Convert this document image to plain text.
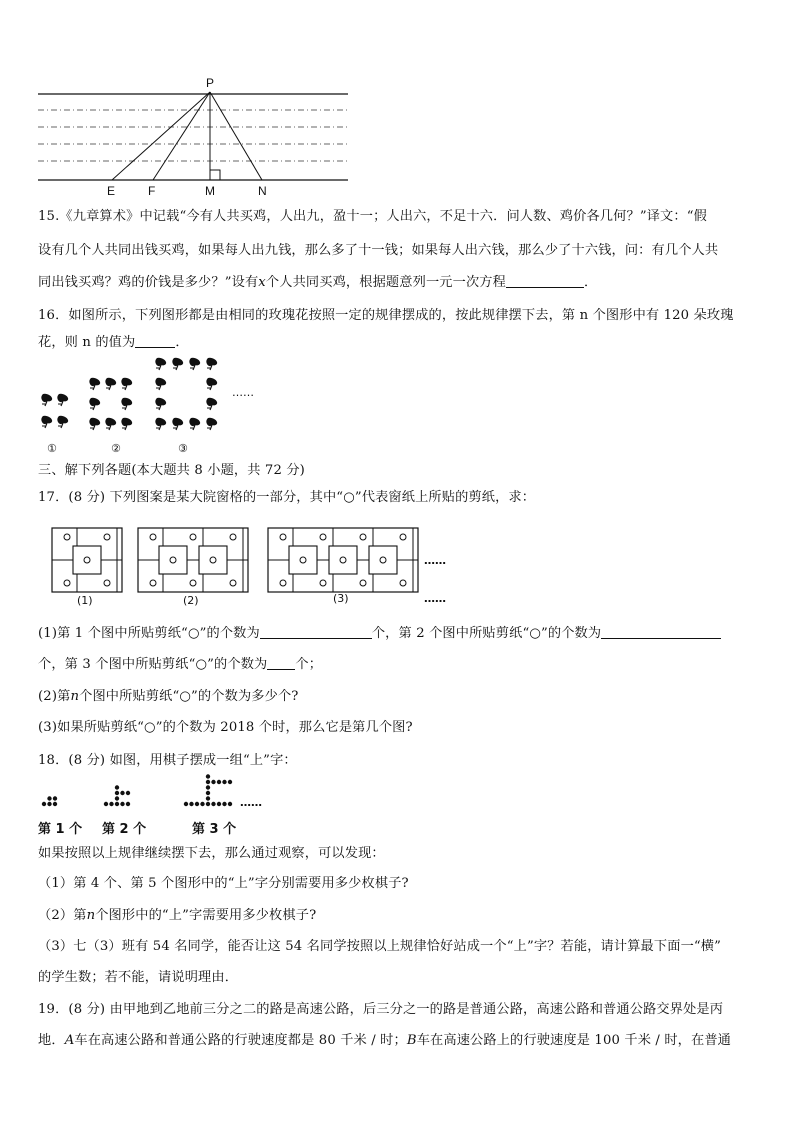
P
E	F	M	N
15.《九章算术》中记载“今有人共买鸡，人出九，盈十一；人出六，不足十六．问人数、鸡价各几何？”译文：“假
设有几个人共同出钱买鸡，如果每人出九钱，那么多了十一钱；如果每人出六钱，那么少了十六钱，问：有几个人共
同出钱买鸡？鸡的价钱是多少？”设有x个人共同买鸡，根据题意列一元一次方程	．
16．如图所示，下列图形都是由相同的玫瑰花按照一定的规律摆成的，按此规律摆下去，第 n 个图形中有 120 朵玫瑰
花，则 n 的值为	．
①	②	③
……
三、解下列各题(本大题共 8 小题，共 72 分)
17．(8 分) 下列图案是某大院窗格的一部分，其中“○”代表窗纸上所贴的剪纸，求：
(1)	(2)	(3)
……
……
(1)第 1 个图中所贴剪纸“○”的个数为	个，第 2 个图中所贴剪纸“○”的个数为
个，第 3 个图中所贴剪纸“○”的个数为 个；
(2)第n个图中所贴剪纸“○”的个数为多少个?
(3)如果所贴剪纸“○”的个数为 2018 个时，那么它是第几个图?
18．(8 分) 如图，用棋子摆成一组“上”字：
……
第 1 个 第 2 个	第 3 个
如果按照以上规律继续摆下去，那么通过观察，可以发现：
（1）第 4 个、第 5 个图形中的“上”字分别需要用多少枚棋子?
（2）第n个图形中的“上”字需要用多少枚棋子?
（3）七（3）班有 54 名同学，能否让这 54 名同学按照以上规律恰好站成一个“上”字？若能，请计算最下面一“横”
的学生数；若不能，请说明理由．
19．(8 分) 由甲地到乙地前三分之二的路是高速公路，后三分之一的路是普通公路，高速公路和普通公路交界处是丙
地．A车在高速公路和普通公路的行驶速度都是 80 千米 / 时；B车在高速公路上的行驶速度是 100 千米 / 时，在普通
